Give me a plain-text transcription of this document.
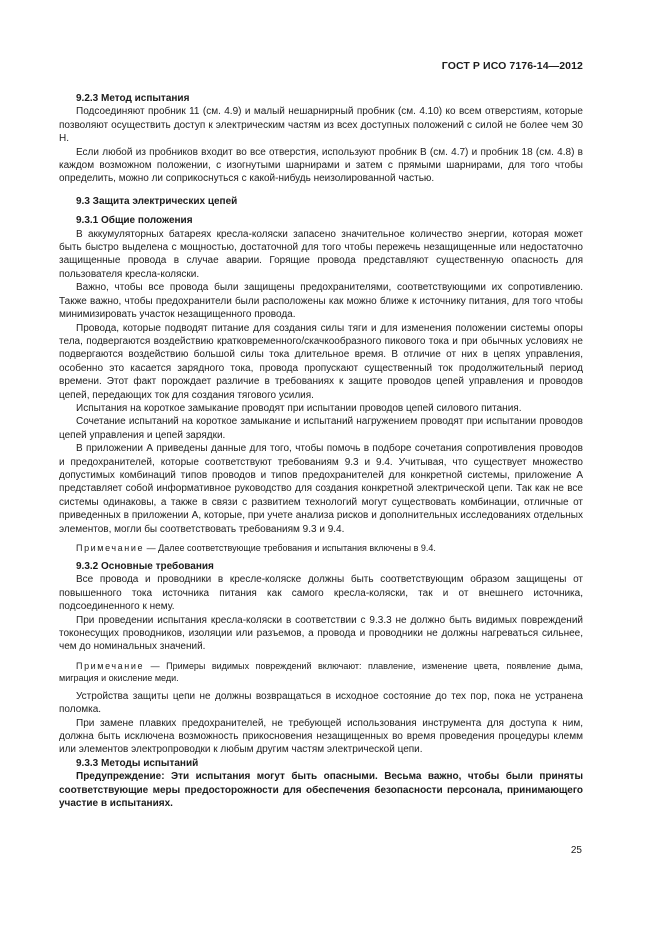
ГОСТ Р ИСО 7176-14—2012
9.2.3 Метод испытания
Подсоединяют пробник 11 (см. 4.9) и малый нешарнирный пробник (см. 4.10) ко всем отверстиям, которые позволяют осуществить доступ к электрическим частям из всех доступных положений с силой не более чем 30 Н.
Если любой из пробников входит во все отверстия, используют пробник В (см. 4.7) и пробник 18 (см. 4.8) в каждом возможном положении, с изогнутыми шарнирами и затем с прямыми шарнирами, для того чтобы определить, можно ли соприкоснуться с какой-нибудь неизолированной частью.
9.3 Защита электрических цепей
9.3.1 Общие положения
В аккумуляторных батареях кресла-коляски запасено значительное количество энергии, которая может быть быстро выделена с мощностью, достаточной для того чтобы пережечь незащищенные или недостаточно защищенные провода в случае аварии. Горящие провода представляют существенную опасность для пользователя кресла-коляски.
Важно, чтобы все провода были защищены предохранителями, соответствующими их сопротивлению. Также важно, чтобы предохранители были расположены как можно ближе к источнику питания, для того чтобы минимизировать участок незащищенного провода.
Провода, которые подводят питание для создания силы тяги и для изменения положении системы опоры тела, подвергаются воздействию кратковременного/скачкообразного пикового тока и при обычных условиях не подвергаются воздействию большой силы тока длительное время. В отличие от них в цепях управления, особенно это касается зарядного тока, провода пропускают существенный ток продолжительный период времени. Этот факт порождает различие в требованиях к защите проводов цепей управления и проводов цепей, передающих ток для создания тягового усилия.
Испытания на короткое замыкание проводят при испытании проводов цепей силового питания.
Сочетание испытаний на короткое замыкание и испытаний нагружением проводят при испытании проводов цепей управления и цепей зарядки.
В приложении А приведены данные для того, чтобы помочь в подборе сочетания сопротивления проводов и предохранителей, которые соответствуют требованиям 9.3 и 9.4. Учитывая, что существует множество допустимых комбинаций типов проводов и типов предохранителей для конкретной системы, приложение А представляет собой информативное руководство для создания конкретной электрической цепи. Так как не все системы одинаковы, а также в связи с развитием технологий могут существовать комбинации, отличные от приведенных в приложении А, которые, при учете анализа рисков и дополнительных исследованиях отдельных элементов, могли бы соответствовать требованиям 9.3 и 9.4.
Примечание — Далее соответствующие требования и испытания включены в 9.4.
9.3.2 Основные требования
Все провода и проводники в кресле-коляске должны быть соответствующим образом защищены от повышенного тока источника питания как самого кресла-коляски, так и от внешнего источника, подсоединенного к нему.
При проведении испытания кресла-коляски в соответствии с 9.3.3 не должно быть видимых повреждений токонесущих проводников, изоляции или разъемов, а провода и проводники не должны нагреваться сильнее, чем до номинальных значений.
Примечание — Примеры видимых повреждений включают: плавление, изменение цвета, появление дыма, миграция и окисление меди.
Устройства защиты цепи не должны возвращаться в исходное состояние до тех пор, пока не устранена поломка.
При замене плавких предохранителей, не требующей использования инструмента для доступа к ним, должна быть исключена возможность прикосновения незащищенных во время проведения процедуры клемм или элементов электропроводки к любым другим частям электрической цепи.
9.3.3 Методы испытаний
Предупреждение: Эти испытания могут быть опасными. Весьма важно, чтобы были приняты соответствующие меры предосторожности для обеспечения безопасности персонала, принимающего участие в испытаниях.
25
